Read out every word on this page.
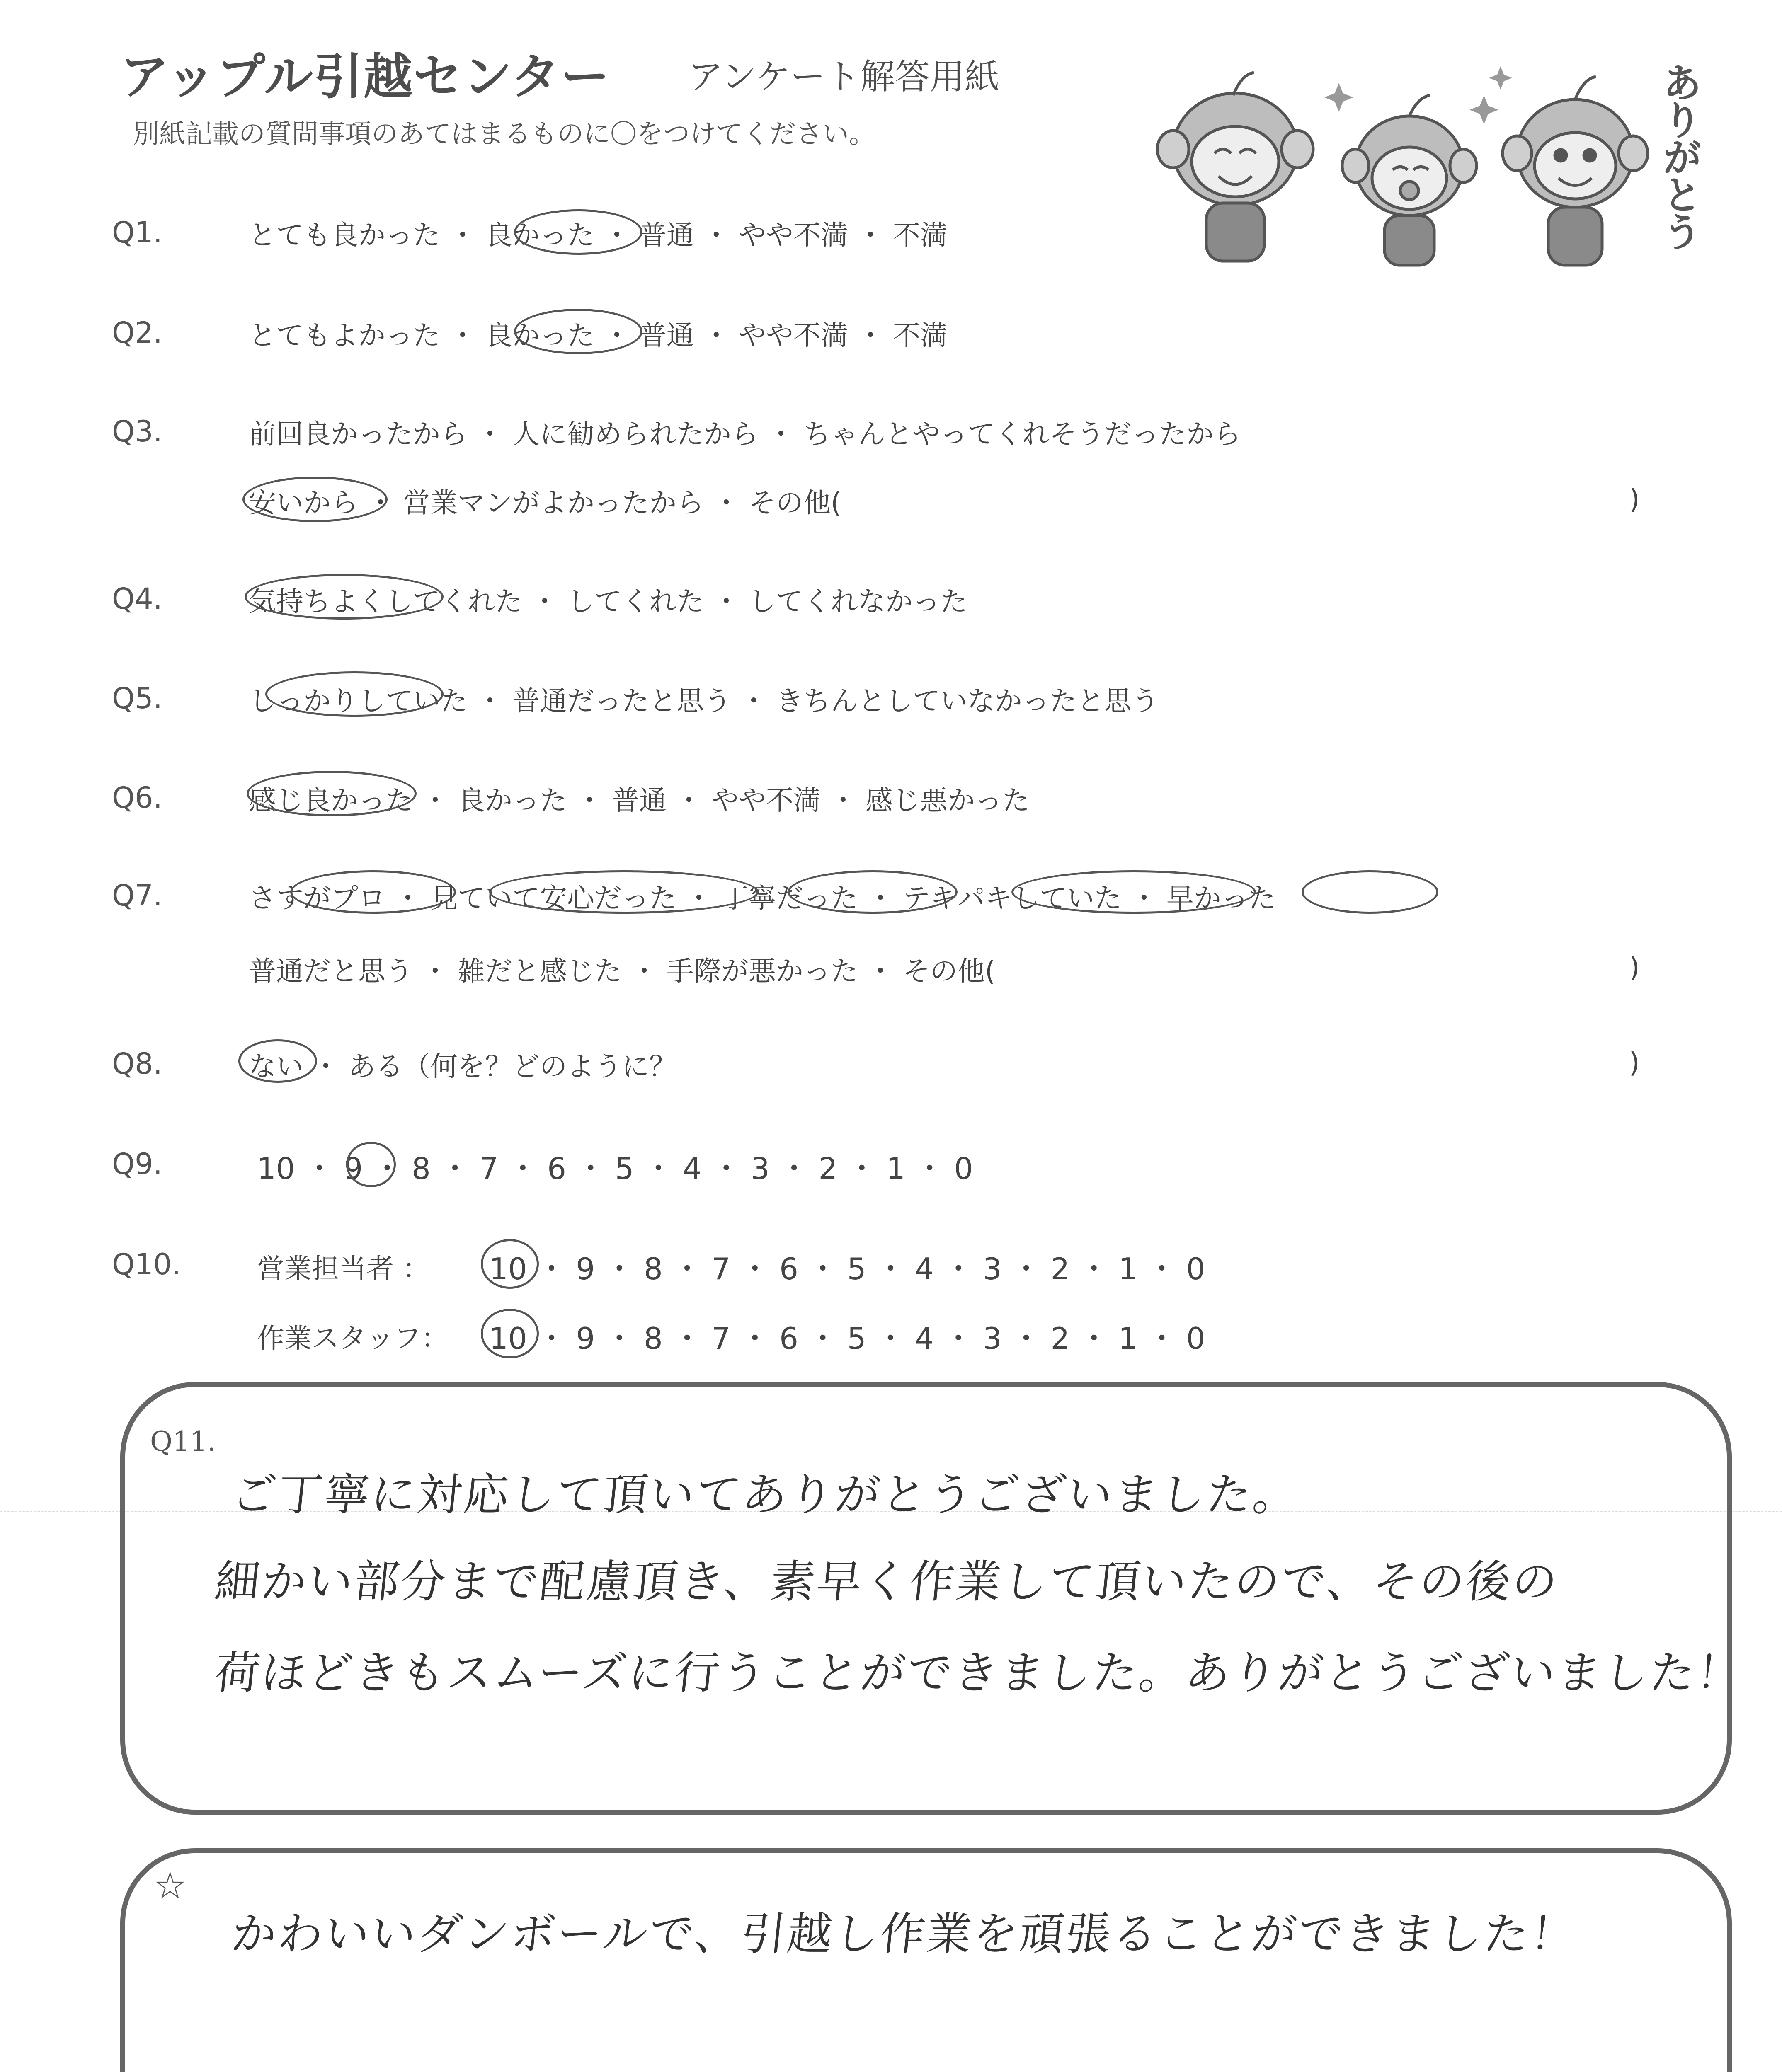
アップル引越センター アンケート解答用紙
別紙記載の質問事項のあてはまるものに〇をつけてください。	ありがとう
Q1.	とても良かった ・ 良かった ・ 普通 ・ やや不満 ・ 不満
Q2.	とてもよかった ・ 良かった ・ 普通 ・ やや不満 ・ 不満
Q3.	前回良かったから ・ 人に勧められたから ・ ちゃんとやってくれそうだったから
安いから ・ 営業マンがよかったから ・ その他(	)
Q4.	気持ちよくしてくれた ・ してくれた ・ してくれなかった
Q5.	しっかりしていた ・ 普通だったと思う ・ きちんとしていなかったと思う
Q6.	感じ良かった ・ 良かった ・ 普通 ・ やや不満 ・ 感じ悪かった
Q7.	さすがプロ ・ 見ていて安心だった ・ 丁寧だった ・ テキパキしていた ・ 早かった
普通だと思う ・ 雑だと感じた ・ 手際が悪かった ・ その他(	)
Q8.	ない ・ ある（何を？どのように？	)
Q9.	10 ・ 9 ・ 8 ・ 7 ・ 6 ・ 5 ・ 4 ・ 3 ・ 2 ・ 1 ・ 0
Q10.	営業担当者 ： 10 ・ 9 ・ 8 ・ 7 ・ 6 ・ 5 ・ 4 ・ 3 ・ 2 ・ 1 ・ 0
作業スタッフ： 10 ・ 9 ・ 8 ・ 7 ・ 6 ・ 5 ・ 4 ・ 3 ・ 2 ・ 1 ・ 0
Q11.
ご丁寧に対応して頂いてありがとうございました。
細かい部分まで配慮頂き、素早く作業して頂いたので、その後の
荷ほどきもスムーズに行うことができました。ありがとうございました！
☆
かわいいダンボールで、引越し作業を頑張ることができました！
